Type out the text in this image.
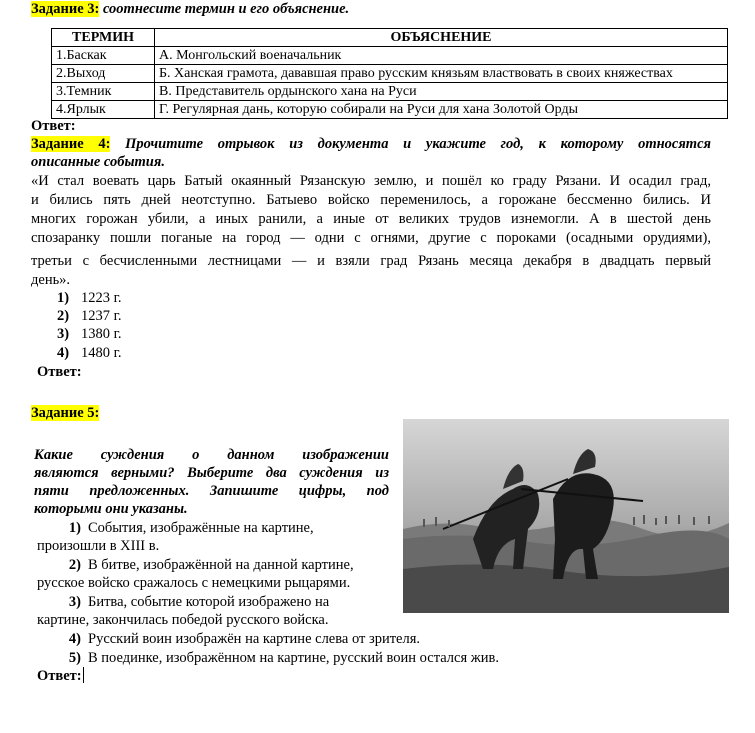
Задание 3: соотнесите термин и его объяснение.
ТЕРМИН	ОБЪЯСНЕНИЕ
1.Баскак	А. Монгольский военачальник
2.Выход	Б. Ханская грамота, дававшая право русским князьям властвовать в своих княжествах
3.Темник	В. Представитель ордынского хана на Руси
4.Ярлык	Г. Регулярная дань, которую собирали на Руси для хана Золотой Орды
Ответ:
Задание 4: Прочитите отрывок из документа и укажите год, к которому относятся
описанные события.
«И стал воевать царь Батый окаянный Рязанскую землю, и пошёл ко граду Рязани. И осадил град,
и бились пять дней неотступно. Батыево войско переменилось, а горожане бессменно бились. И
многих горожан убили, а иных ранили, а иные от великих трудов изнемогли. А в шестой день
спозаранку пошли поганые на город — одни с огнями, другие с пороками (осадными орудиями),
третьи с бесчисленными лестницами — и взяли град Рязань месяца декабря в двадцать первый
день».
1) 1223 г.
2) 1237 г.
3) 1380 г.
4) 1480 г.
Ответ:
Задание 5:
Какие суждения о данном изображении
являются верными? Выберите два суждения из
пяти предложенных. Запишите цифры, под
которыми они указаны.
1) События, изображённые на картине,
произошли в XIII в.
2) В битве, изображённой на данной картине,
русское войско сражалось с немецкими рыцарями.
3) Битва, событие которой изображено на
картине, закончилась победой русского войска.
4) Русский воин изображён на картине слева от зрителя.
5) В поединке, изображённом на картине, русский воин остался жив.
Ответ:
